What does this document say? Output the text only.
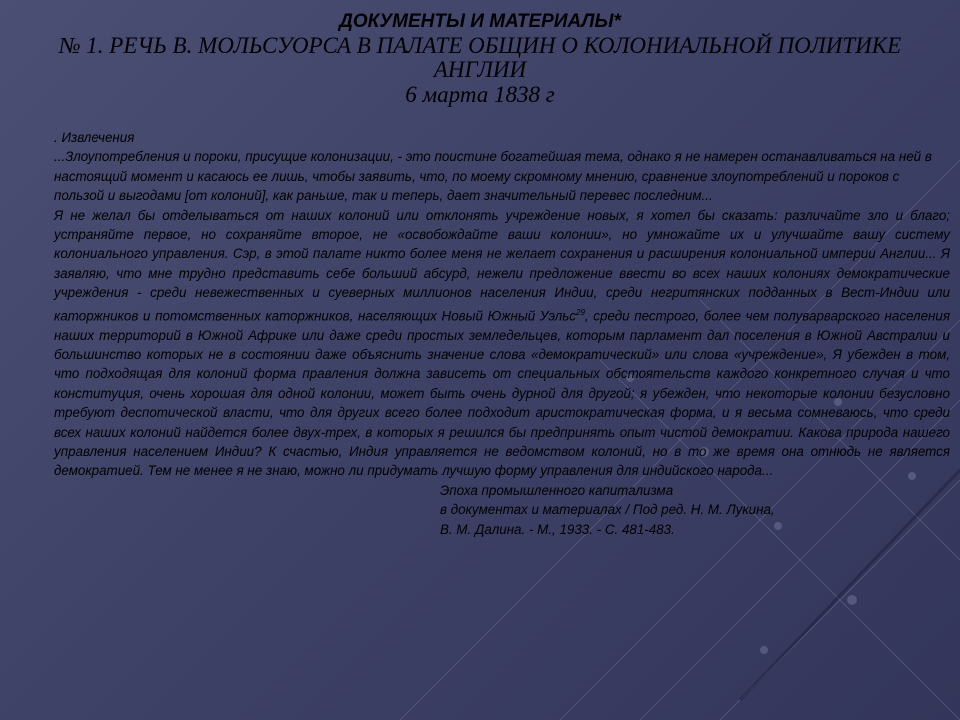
ДОКУМЕНТЫ И МАТЕРИАЛЫ*
№ 1. РЕЧЬ В. МОЛЬСУОРСА В ПАЛАТЕ ОБЩИН О КОЛОНИАЛЬНОЙ ПОЛИТИКЕ АНГЛИИ
6 марта 1838 г

. Извлечения

...Злоупотребления и пороки, присущие колонизации, - это поистине богатейшая тема, однако я не намерен останавливаться на ней в настоящий момент и касаюсь ее лишь, чтобы заявить, что, по моему скромному мнению, сравнение злоупотреблений и пороков с пользой и выгодами [от колоний], как раньше, так и теперь, дает значительный перевес последним...

Я не желал бы отделываться от наших колоний или отклонять учреждение новых, я хотел бы сказать: различайте зло и благо; устраняйте первое, но сохраняйте второе, не «освобождайте ваши колонии», но умножайте их и улучшайте вашу систему колониального управления. Сэр, в этой палате никто более меня не желает сохранения и расширения колониальной империи Англии... Я заявляю, что мне трудно представить себе больший абсурд, нежели предложение ввести во всех наших колониях демократические учреждения - среди невежественных и суеверных миллионов населения Индии, среди негритянских подданных в Вест-Индии или каторжников и потомственных каторжников, населяющих Новый Южный Уэльс$^{29}$, среди пестрого, более чем полуварварского населения наших территорий в Южной Африке или даже среди простых земледельцев, которым парламент дал поселения в Южной Австралии и большинство которых не в состоянии даже объяснить значение слова «демократический» или слова «учреждение», Я убежден в том, что подходящая для колоний форма правления должна зависеть от специальных обстоятельств каждого конкретного случая и что конституция, очень хорошая для одной колонии, может быть очень дурной для другой; я убежден, что некоторые колонии безусловно требуют деспотической власти, что для других всего более подходит аристократическая форма, и я весьма сомневаюсь, что среди всех наших колоний найдется более двух-трех, в которых я решился бы предпринять опыт чистой демократии. Какова природа нашего управления населением Индии? К счастью, Индия управляется не ведомством колоний, но в то же время она отнюдь не является демократией. Тем не менее я не знаю, можно ли придумать лучшую форму управления для индийского народа...

Эпоха промышленного капитализма

в документах и материалах / Под ред. Н. М. Лукина,

В. М. Далина. - М., 1933. - С. 481-483.
